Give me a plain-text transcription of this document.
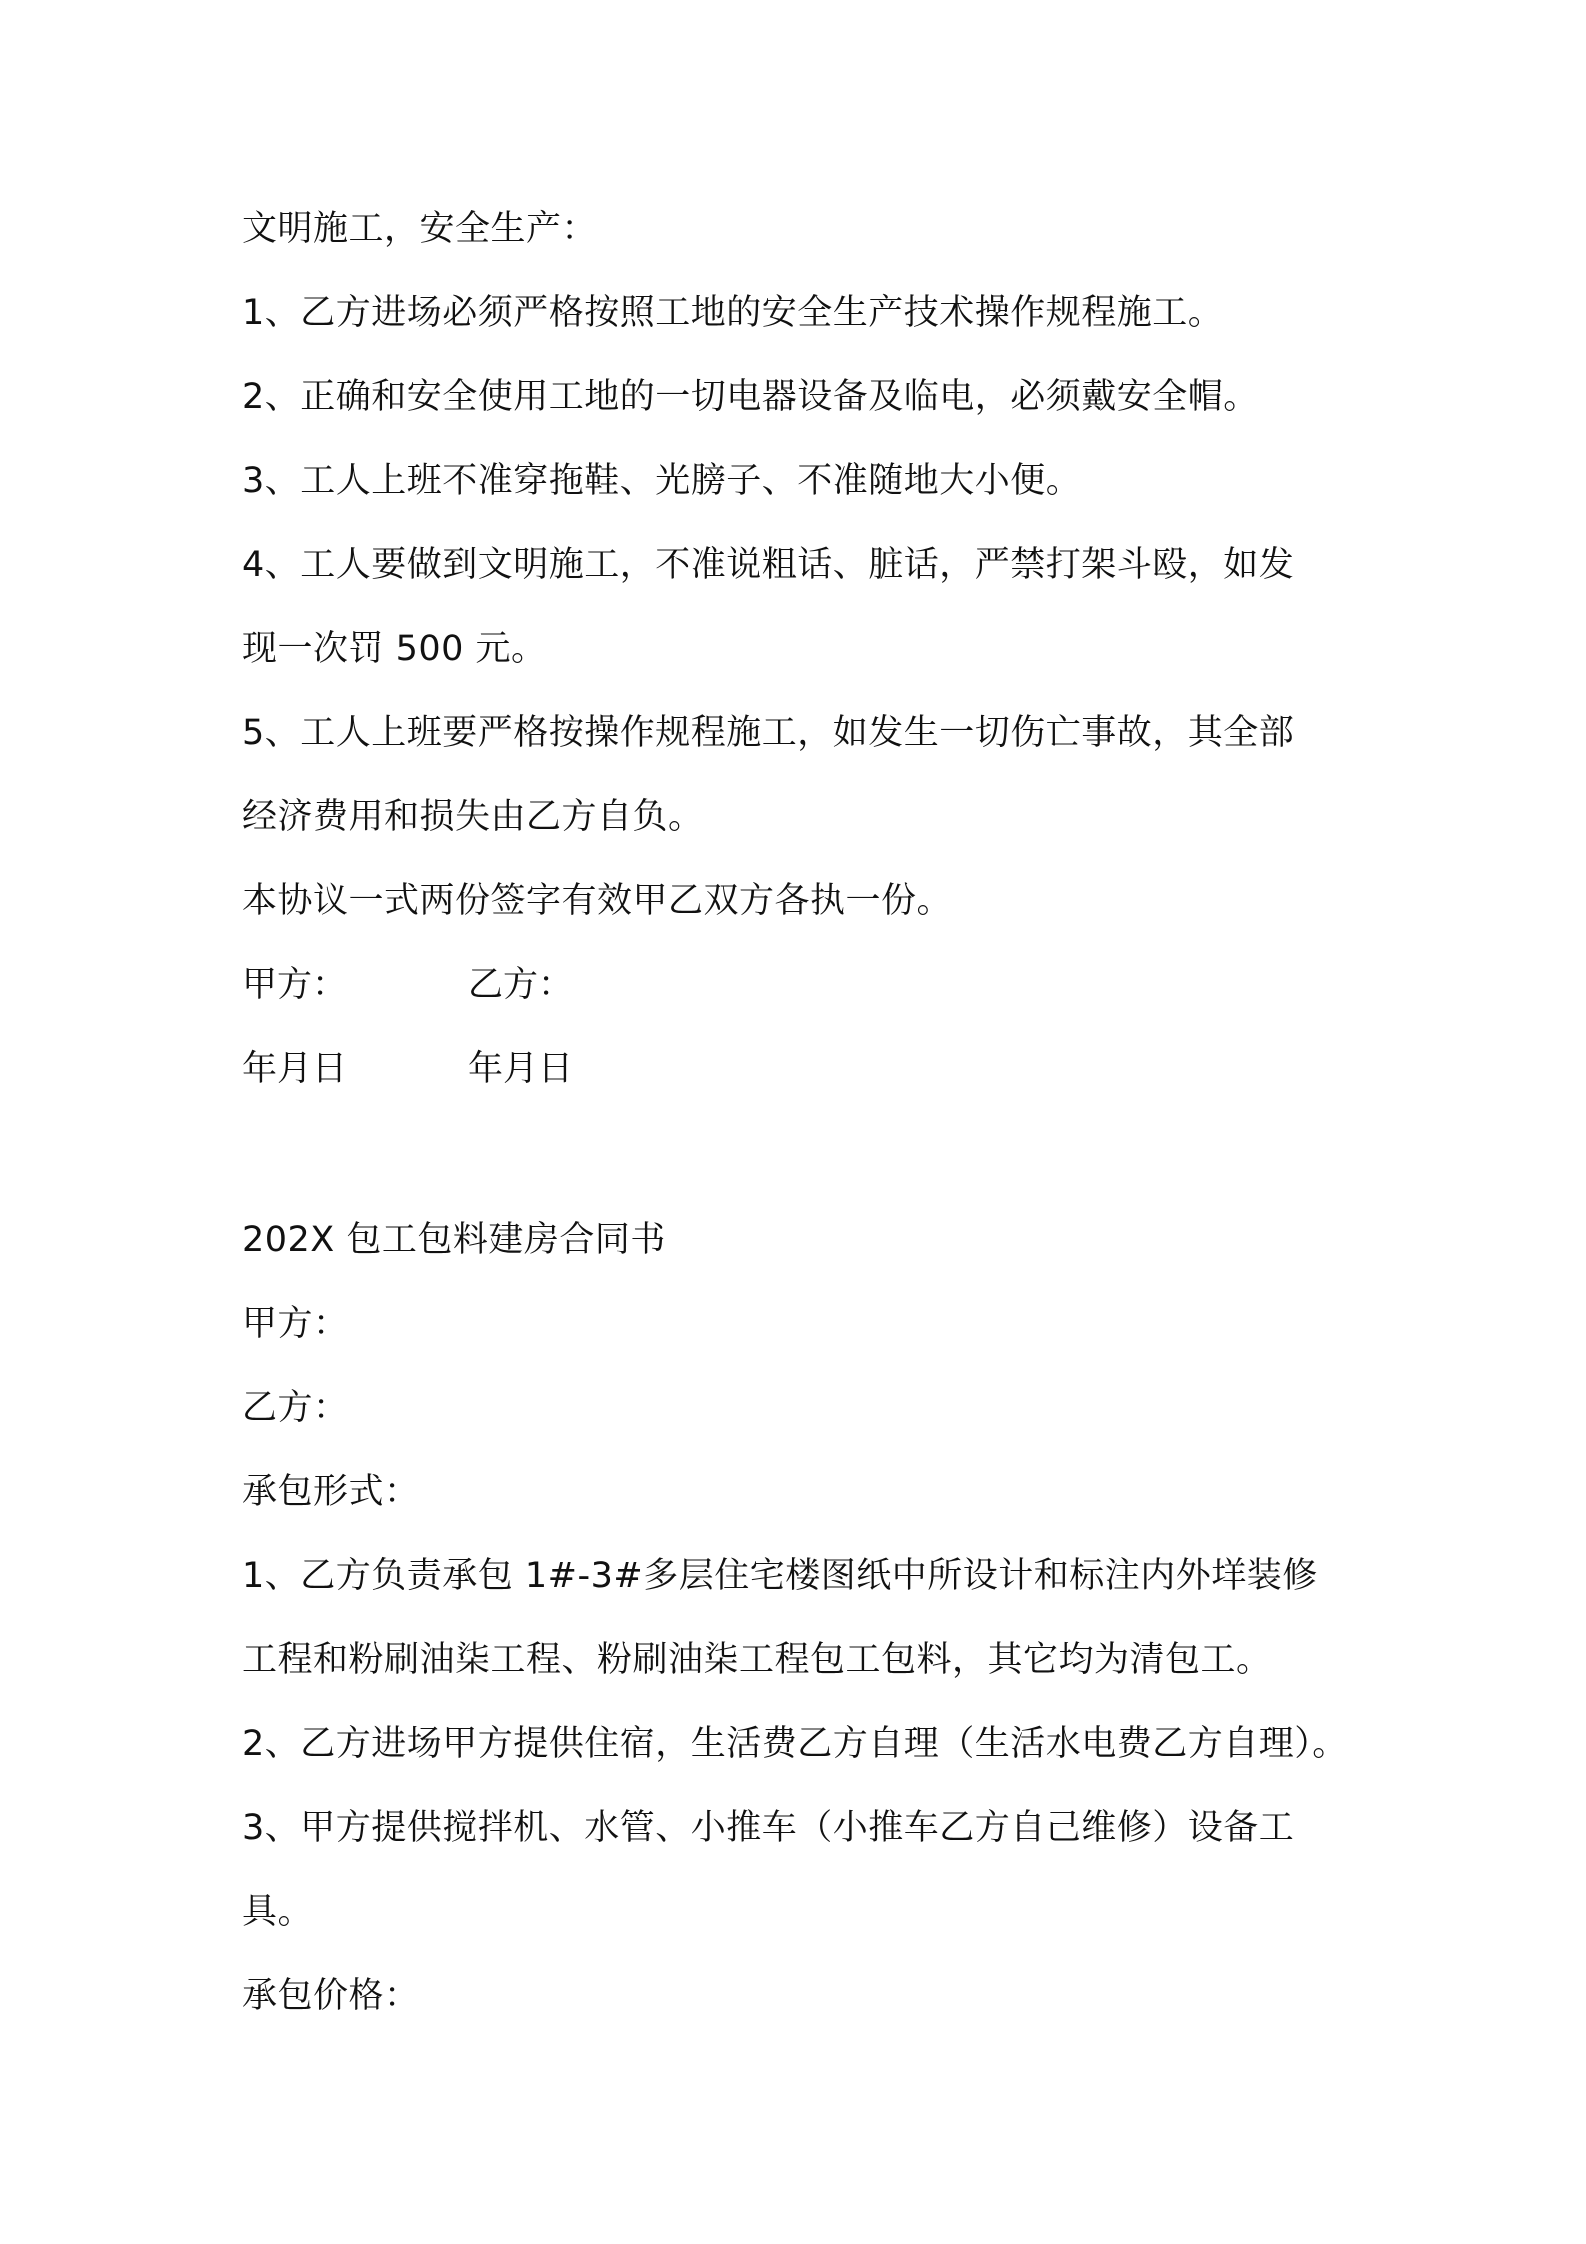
文明施工，安全生产：

1、乙方进场必须严格按照工地的安全生产技术操作规程施工。

2、正确和安全使用工地的一切电器设备及临电，必须戴安全帽。

3、工人上班不准穿拖鞋、光膀子、不准随地大小便。

4、工人要做到文明施工，不准说粗话、脏话，严禁打架斗殴，如发

现一次罚 500 元。

5、工人上班要严格按操作规程施工，如发生一切伤亡事故，其全部

经济费用和损失由乙方自负。

本协议一式两份签字有效甲乙双方各执一份。

甲方：	乙方：
年月日	年月日

202X 包工包料建房合同书

甲方：

乙方：

承包形式：

1、乙方负责承包 1#-3#多层住宅楼图纸中所设计和标注内外垟装修

工程和粉刷油柒工程、粉刷油柒工程包工包料，其它均为清包工。

2、乙方进场甲方提供住宿，生活费乙方自理（生活水电费乙方自理）。

3、甲方提供搅拌机、水管、小推车（小推车乙方自己维修）设备工

具。

承包价格：
